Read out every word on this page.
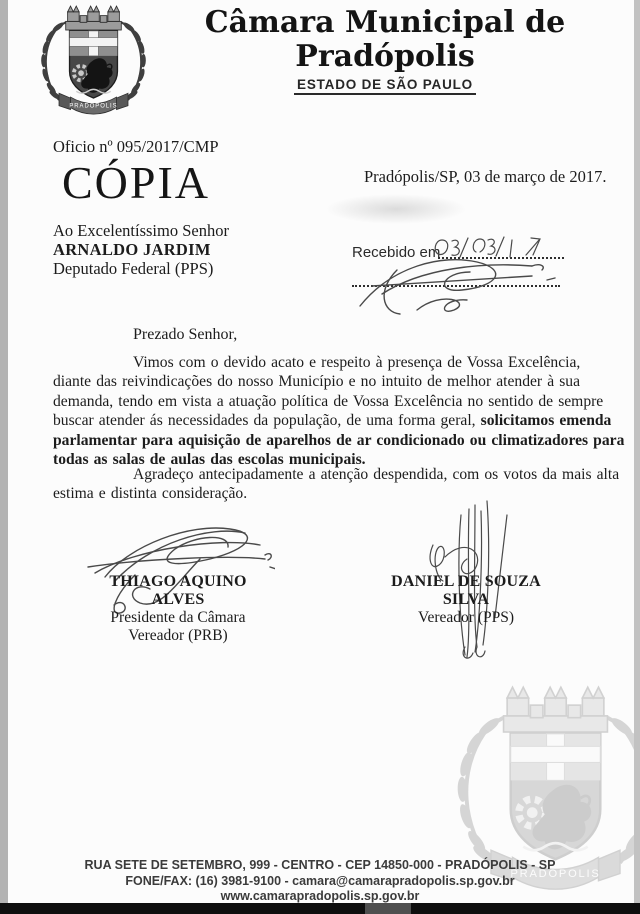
Câmara Municipal de Pradópolis
ESTADO DE SÃO PAULO
Oficio nº 095/2017/CMP
CÓPIA	Pradópolis/SP, 03 de março de 2017.
Ao Excelentíssimo Senhor
ARNALDO JARDIM
Deputado Federal (PPS)
Recebido em
Prezado Senhor,
Vimos com o devido acato e respeito à presença de Vossa Excelência,
diante das reivindicações do nosso Município e no intuito de melhor atender à sua
demanda, tendo em vista a atuação política de Vossa Excelência no sentido de sempre
buscar atender ás necessidades da população, de uma forma geral, solicitamos emenda
parlamentar para aquisição de aparelhos de ar condicionado ou climatizadores para
todas as salas de aulas das escolas municipais.
Agradeço antecipadamente a atenção despendida, com os votos da mais alta
estima e distinta consideração.
THIAGO AQUINO ALVES
Presidente da Câmara
Vereador (PRB)
DANIEL DE SOUZA SILVA
Vereador (PPS)
RUA SETE DE SETEMBRO, 999 - CENTRO - CEP 14850-000 - PRADÓPOLIS - SP
FONE/FAX: (16) 3981-9100 - camara@camarapradopolis.sp.gov.br
www.camarapradopolis.sp.gov.br
